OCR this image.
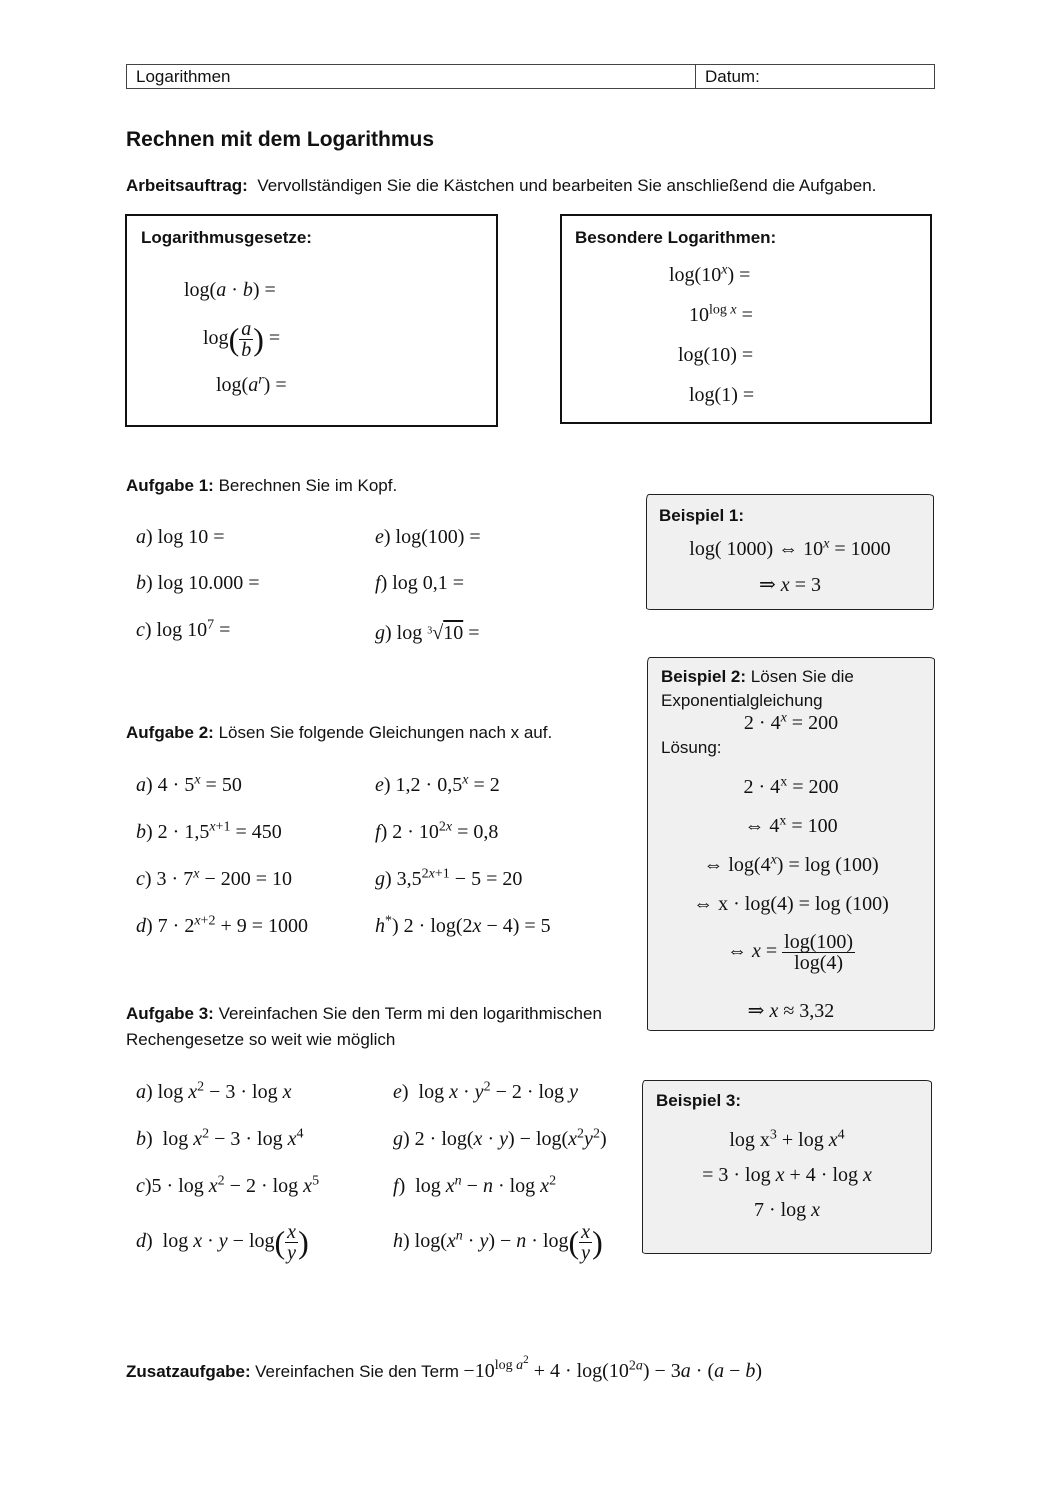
Logarithmen	Datum:
Rechnen mit dem Logarithmus
Arbeitsauftrag: Vervollständigen Sie die Kästchen und bearbeiten Sie anschließend die Aufgaben.
Logarithmusgesetze:
log(a · b) =
$\log( \frac{a}{b}$ ) =
$\log(a^r)$ =
Besondere Logarithmen:
$\log(10^x)$ =
$10^{log x}$ =
log(10) =
log(1) =
Aufgabe 1: Berechnen Sie im Kopf.
a) log 10 =
b) log 10.000 =
c) $\log 10^7$ =
e) log(100) =
f) log 0,1 =
g) log $^3$√10 =
Beispiel 1:
log( 1000) ⇔ $10^x = 1000$
⇒ x = 3
Aufgabe 2: Lösen Sie folgende Gleichungen nach x auf.
a) $4 \cdot 5^x = 50$
b) $2 \cdot 1,5^{x+1} = 450$
c) $3 \cdot 7^x - 200 = 10$
d) $7 \cdot 2^{x+2} + 9 = 1000$
e) $1,2 \cdot 0,5^x = 2$
f) $2 \cdot 10^{2x} = 0,8$
g) $3,5^{2x+1} - 5 = 20$
h*) 2 · log(2x − 4) = 5
Beispiel 2: Lösen Sie die
Exponentialgleichung
$2 \cdot 4^x = 200$
Lösung:
$2 \cdot 4^x = 200$
⇔ $4^x = 100$
⇔ $\log(4^x) = \log (100)$
⇔ x · log(4) = log (100)
⇔ $x = \frac{\log(100)}{\log(4)}$
⇒ x ≈ 3,32
Aufgabe 3: Vereinfachen Sie den Term mi den logarithmischen
Rechengesetze so weit wie möglich
a) $\log x^2 - 3 \cdot \log x$
b)  $\log x^2 - 3 \cdot \log x^4$
$c)5 \cdot \log x^2 - 2 \cdot \log x^5$
d)  $\log x \cdot y - \log( \frac{x}{y}$ )
e)  $\log x \cdot y^2 - 2 \cdot \log y$
g) $2 \cdot \log(x \cdot y) - \log(x^2y^2)$
f)  $\log x^n - n \cdot \log x^2$
h) $\log(x^n \cdot y) - n \cdot \log( \frac{x}{y}$ )
Beispiel 3:
$\log x^3 + \log x^4$
= 3 · log x + 4 · log x
7 · log x
Zusatzaufgabe: Vereinfachen Sie den Term $-10^{log a^2} + 4 \cdot \log(10^{2a}) - 3a \cdot (a - b)$
